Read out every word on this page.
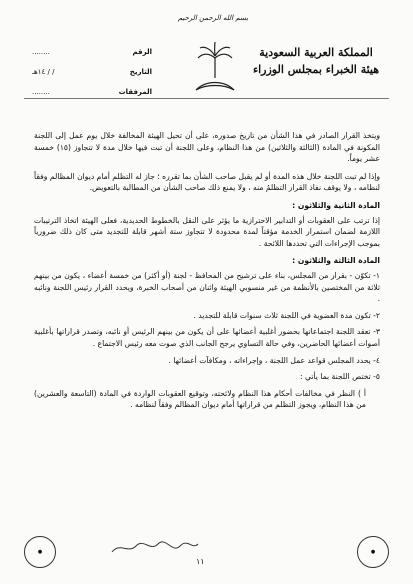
بسم الله الرحمن الرحيم
الرقم
........
التاريخ
/ / ١٤هـ
المرفقات
........
المملكة العربية السعودية
هيئة الخبراء بمجلس الوزراء

ويتخذ القرار الصادر في هذا الشأن من تاريخ صدوره، على أن تحيل الهيئة المخالفة خلال يوم عمل إلى اللجنة المكونة في المادة (الثالثة والثلاثين) من هذا النظام، وعلى اللجنة أن تبت فيها خلال مدة لا تتجاوز (١٥) خمسة عشر يوماً.

وإذا لم تبت اللجنة خلال هذه المدة أو لم يقبل صاحب الشأن بما تقرره ؛ جاز له التظلم أمام ديوان المظالم وفقاً لنظامه ، ولا يوقف نفاذ القرار التظلمُ منه ، ولا يمنع ذلك صاحب الشأن من المطالبة بالتعويض.

المادة الثانية والثلاثون :

إذا ترتب على العقوبات أو التدابير الاحترازية ما يؤثر على النقل بالخطوط الحديدية، فعلى الهيئة اتخاذ الترتيبات اللازمة لضمان استمرار الخدمة مؤقتاً لمدة محدودة لا تتجاوز ستة أشهر قابلة للتجديد متى كان ذلك ضرورياً بموجب الإجراءات التي تحددها اللائحة .

المادة الثالثة والثلاثون :

١- تكوّن - بقرار من المجلس، بناء على ترشيح من المحافظ - لجنة (أو أكثر) من خمسة أعضاء ، يكون من بينهم ثلاثة من المختصين بالأنظمة من غير منسوبي الهيئة واثنان من أصحاب الخبرة، ويحدد القرار رئيس اللجنة ونائبه .

٢- تكون مدة العضوية في اللجنة ثلاث سنوات قابلة للتجديد .

٣- تعقد اللجنة اجتماعاتها بحضور أغلبية أعضائها على أن يكون من بينهم الرئيس أو نائبه، وتصدر قراراتها بأغلبية أصوات أعضائها الحاضرين، وفي حالة التساوي يرجح الجانب الذي صوت معه رئيس الاجتماع .

٤- يحدد المجلس قواعد عمل اللجنة ، وإجراءاته ، ومكافآت أعضائها .

٥- تختص اللجنة بما يأتي :

أ ) النظر في مخالفات أحكام هذا النظام ولائحته، وتوقيع العقوبات الواردة في المادة (التاسعة والعشرين) من هذا النظام، ويجوز التظلم من قراراتها أمام ديوان المظالم وفقاً لنظامه .

●
١١
●
